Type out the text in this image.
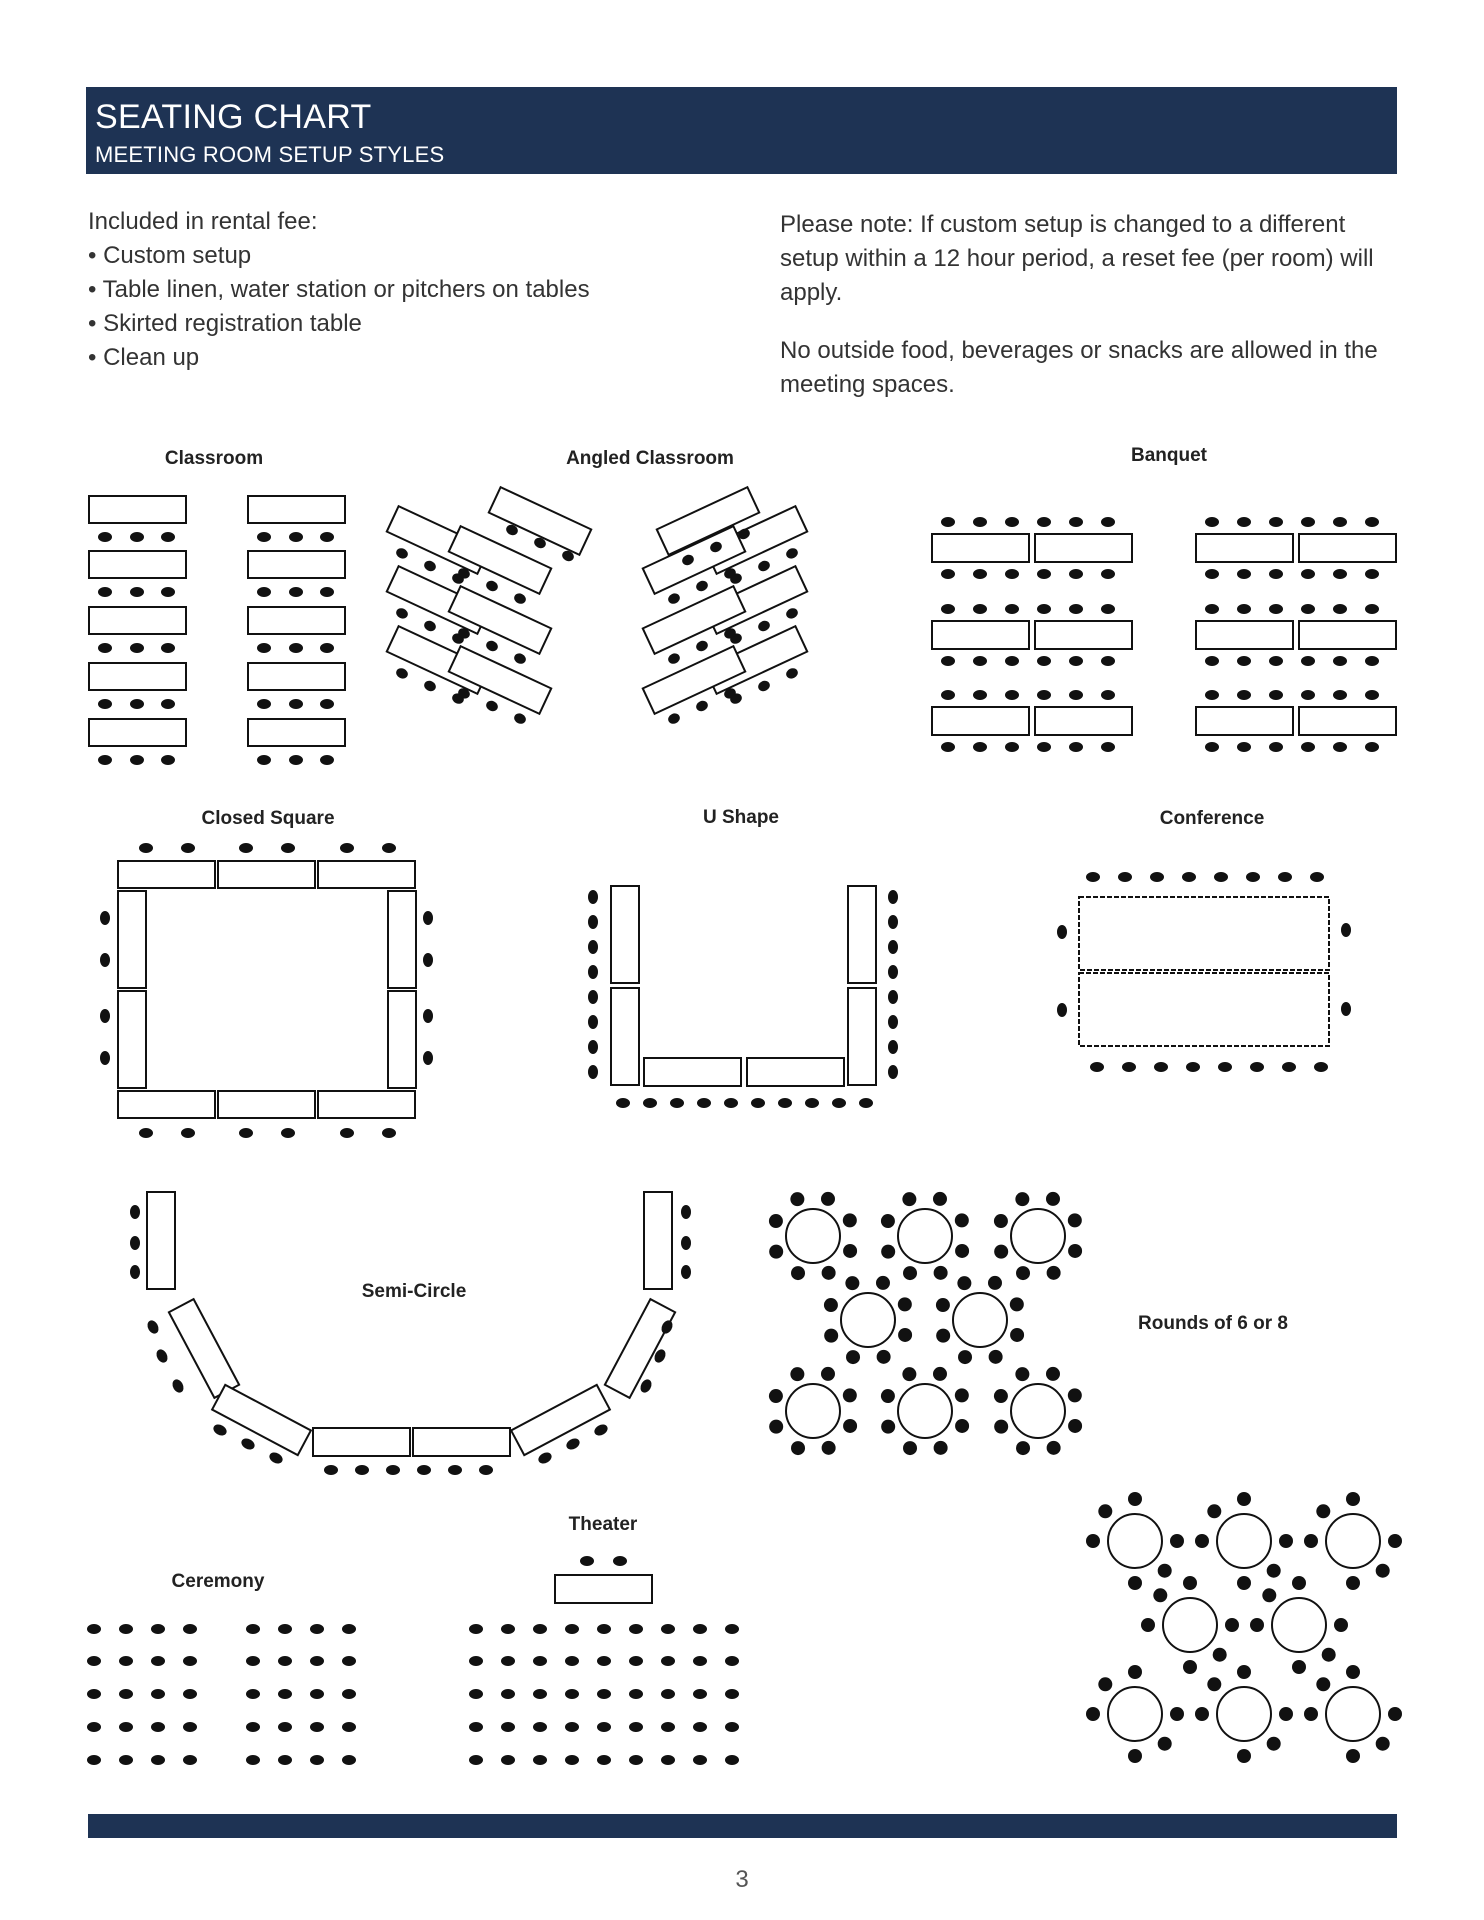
SEATING CHART
MEETING ROOM SETUP STYLES
Included in rental fee:
• Custom setup
• Table linen, water station or pitchers on tables
• Skirted registration table
• Clean up

Please note: If custom setup is changed to a different setup within a 12 hour period, a reset fee (per room) will apply.

No outside food, beverages or snacks are allowed in the meeting spaces.

Classroom	Angled Classroom	Banquet
Closed Square	U Shape	Conference
Semi-Circle
Rounds of 6 or 8
Theater
Ceremony
3
